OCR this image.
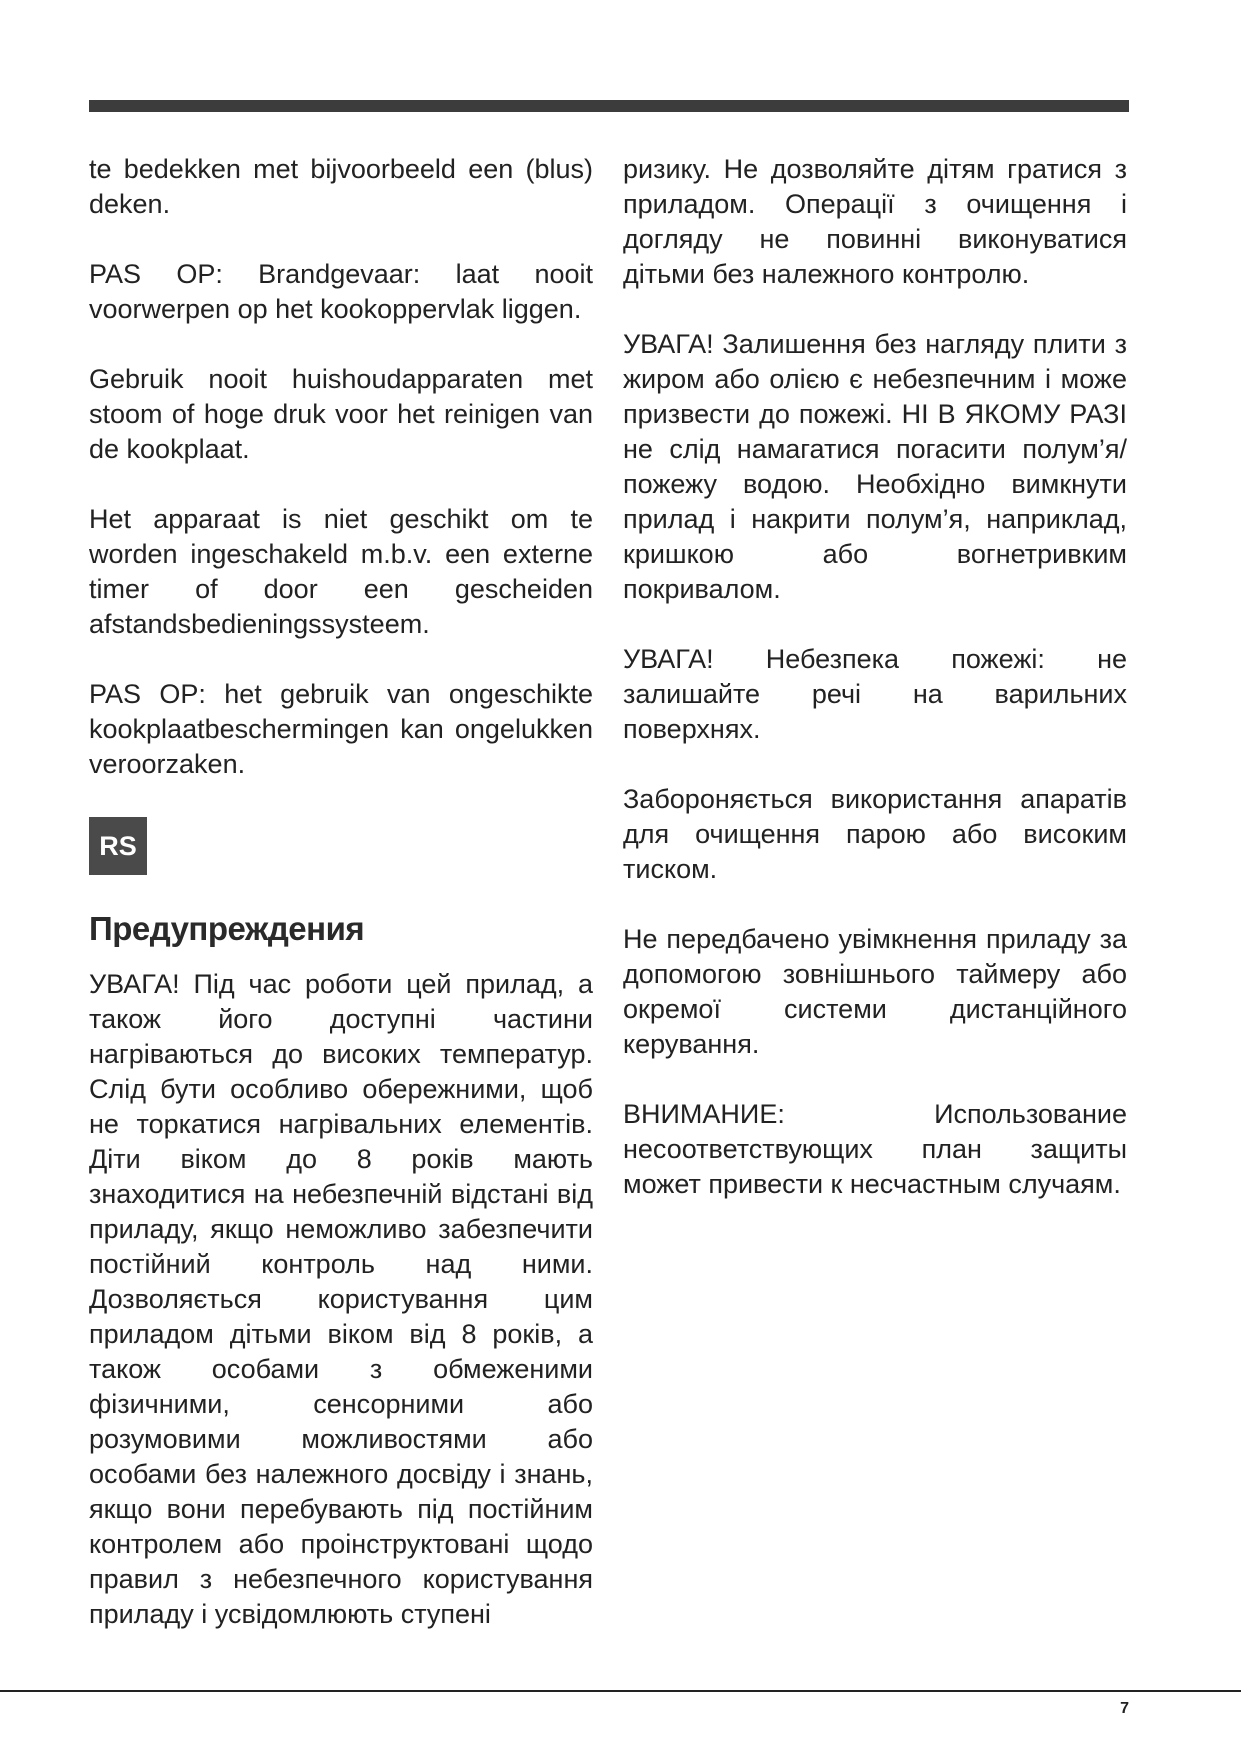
te bedekken met bijvoorbeeld een (blus) deken.

PAS OP: Brandgevaar: laat nooit voorwerpen op het kookoppervlak liggen.

Gebruik nooit huishoudapparaten met stoom of hoge druk voor het reinigen van de kookplaat.

Het apparaat is niet geschikt om te worden ingeschakeld m.b.v. een externe timer of door een gescheiden afstandsbedieningssysteem.

PAS OP: het gebruik van ongeschikte kookplaatbeschermingen kan ongelukken veroorzaken.

RS
Предупреждения

УВАГА! Під час роботи цей прилад, а також його доступні частини нагріваються до високих температур. Слід бути особливо обережними, щоб не торкатися нагрівальних елементів. Діти віком до 8 років мають знаходитися на небезпечній відстані від приладу, якщо неможливо забезпечити постійний контроль над ними. Дозволяється користування цим приладом дітьми віком від 8 років, а також особами з обмеженими фізичними, сенсорними або розумовими можливостями або особами без належного досвіду і знань, якщо вони перебувають під постійним контролем або проінструктовані щодо правил з небезпечного користування приладу і усвідомлюють ступені

ризику. Не дозволяйте дітям гратися з приладом. Операції з очищення і догляду не повинні виконуватися дітьми без належного контролю.

УВАГА! Залишення без нагляду плити з жиром або олією є небезпечним і може призвести до пожежі. НІ В ЯКОМУ РАЗІ не слід намагатися погасити полум’я/пожежу водою. Необхідно вимкнути прилад і накрити полум’я, наприклад, кришкою або вогнетривким покривалом.

УВАГА! Небезпека пожежі: не залишайте речі на варильних поверхнях.

Забороняється використання апаратів для очищення парою або високим тиском.

Не передбачено увімкнення приладу за допомогою зовнішнього таймеру або окремої системи дистанційного керування.

ВНИМАНИЕ: Использование несоответствующих план защиты может привести к несчастным случаям.

7
